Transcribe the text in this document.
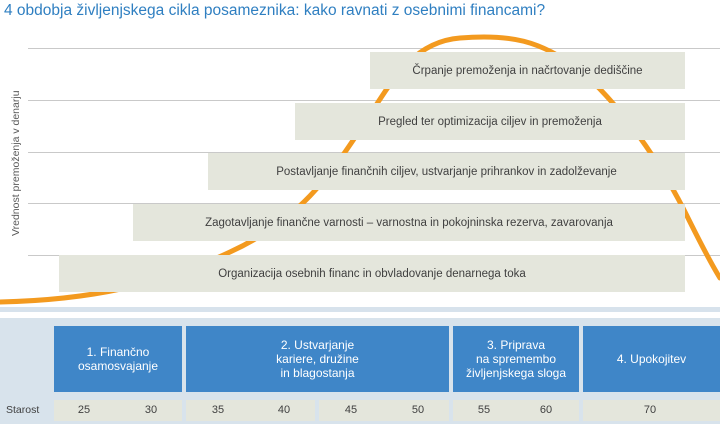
4 obdobja življenjskega cikla posameznika: kako ravnati z osebnimi financami?
Vrednost premoženja v denarju
Črpanje premoženja in načrtovanje dediščine
Pregled ter optimizacija ciljev in premoženja
Postavljanje finančnih ciljev, ustvarjanje prihrankov in zadolževanje
Zagotavljanje finančne varnosti – varnostna in pokojninska rezerva, zavarovanja
Organizacija osebnih financ in obvladovanje denarnega toka
1. Finančno
osamosvajanje
2. Ustvarjanje
kariere, družine
in blagostanja
3. Priprava
na spremembo
življenjskega sloga
4. Upokojitev
Starost	25	30	35	40	45	50	55	60	70
